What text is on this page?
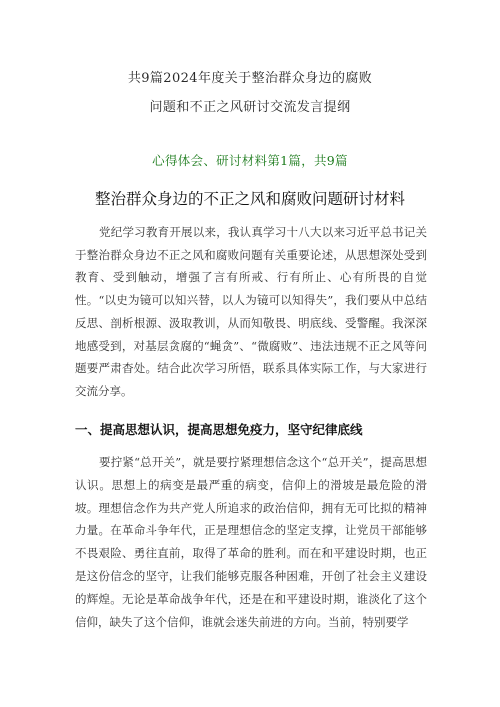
共9篇2024年度关于整治群众身边的腐败
问题和不正之风研讨交流发言提纲

心得体会、研讨材料第1篇，共9篇

整治群众身边的不正之风和腐败问题研讨材料

党纪学习教育开展以来，我认真学习十八大以来习近平总书记关于整治群众身边不正之风和腐败问题有关重要论述，从思想深处受到教育、受到触动，增强了言有所戒、行有所止、心有所畏的自觉性。“以史为镜可以知兴替，以人为镜可以知得失”，我们要从中总结反思、剖析根源、汲取教训，从而知敬畏、明底线、受警醒。我深深地感受到，对基层贪腐的“蝇贪”、“微腐败”、违法违规不正之风等问题要严肃杳处。结合此次学习所悟，联系具体实际工作，与大家进行交流分享。

一、提高思想认识，提高思想免疫力，坚守纪律底线

要拧紧“总开关”，就是要拧紧理想信念这个“总开关”，提高思想认识。思想上的病变是最严重的病变，信仰上的滑坡是最危险的滑坡。理想信念作为共产党人所追求的政治信仰，拥有无可比拟的精神力量。在革命斗争年代，正是理想信念的坚定支撑，让党员干部能够不畏艰险、勇往直前，取得了革命的胜利。而在和平建设时期，也正是这份信念的坚守，让我们能够克服各种困难，开创了社会主义建设的辉煌。无论是革命战争年代，还是在和平建设时期，谁淡化了这个信仰，缺失了这个信仰，谁就会迷失前进的方向。当前，特别要学
